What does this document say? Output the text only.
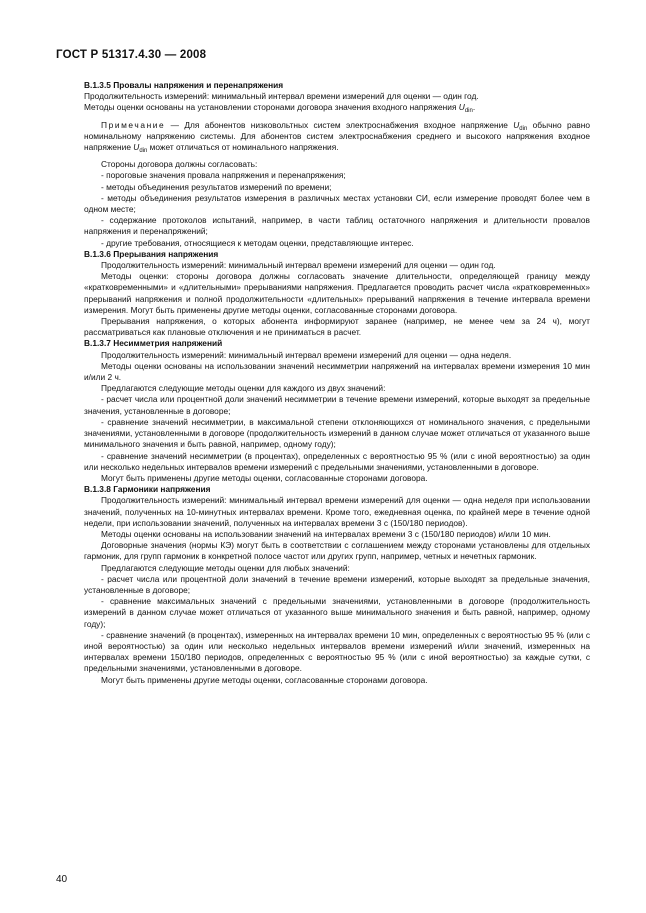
ГОСТ Р 51317.4.30 — 2008

В.1.3.5 Провалы напряжения и перенапряжения

Продолжительность измерений: минимальный интервал времени измерений для оценки — один год.

Методы оценки основаны на установлении сторонами договора значения входного напряжения $U_{din}$.

Примечание — Для абонентов низковольтных систем электроснабжения входное напряжение $U_{din}$ обычно равно номинальному напряжению системы. Для абонентов систем электроснабжения среднего и высокого напряжения входное напряжение $U_{din}$ может отличаться от номинального напряжения.

Стороны договора должны согласовать:

- пороговые значения провала напряжения и перенапряжения;

- методы объединения результатов измерений по времени;

- методы объединения результатов измерения в различных местах установки СИ, если измерение проводят более чем в одном месте;

- содержание протоколов испытаний, например, в части таблиц остаточного напряжения и длительности провалов напряжения и перенапряжений;

- другие требования, относящиеся к методам оценки, представляющие интерес.

В.1.3.6 Прерывания напряжения

Продолжительность измерений: минимальный интервал времени измерений для оценки — один год.

Методы оценки: стороны договора должны согласовать значение длительности, определяющей границу между «кратковременными» и «длительными» прерываниями напряжения. Предлагается проводить расчет числа «кратковременных» прерываний напряжения и полной продолжительности «длительных» прерываний напряжения в течение интервала времени измерения. Могут быть применены другие методы оценки, согласованные сторонами договора.

Прерывания напряжения, о которых абонента информируют заранее (например, не менее чем за 24 ч), могут рассматриваться как плановые отключения и не приниматься в расчет.

В.1.3.7 Несимметрия напряжений

Продолжительность измерений: минимальный интервал времени измерений для оценки — одна неделя.

Методы оценки основаны на использовании значений несимметрии напряжений на интервалах времени измерения 10 мин и/или 2 ч.

Предлагаются следующие методы оценки для каждого из двух значений:

- расчет числа или процентной доли значений несимметрии в течение времени измерений, которые выходят за предельные значения, установленные в договоре;

- сравнение значений несимметрии, в максимальной степени отклоняющихся от номинального значения, с предельными значениями, установленными в договоре (продолжительность измерений в данном случае может отличаться от указанного выше минимального значения и быть равной, например, одному году);

- сравнение значений несимметрии (в процентах), определенных с вероятностью 95 % (или с иной вероятностью) за один или несколько недельных интервалов времени измерений с предельными значениями, установленными в договоре.

Могут быть применены другие методы оценки, согласованные сторонами договора.

В.1.3.8 Гармоники напряжения

Продолжительность измерений: минимальный интервал времени измерений для оценки — одна неделя при использовании значений, полученных на 10-минутных интервалах времени. Кроме того, ежедневная оценка, по крайней мере в течение одной недели, при использовании значений, полученных на интервалах времени 3 с (150/180 периодов).

Методы оценки основаны на использовании значений на интервалах времени 3 с (150/180 периодов) и/или 10 мин.

Договорные значения (нормы КЭ) могут быть в соответствии с соглашением между сторонами установлены для отдельных гармоник, для групп гармоник в конкретной полосе частот или других групп, например, четных и нечетных гармоник.

Предлагаются следующие методы оценки для любых значений:

- расчет числа или процентной доли значений в течение времени измерений, которые выходят за предельные значения, установленные в договоре;

- сравнение максимальных значений с предельными значениями, установленными в договоре (продолжительность измерений в данном случае может отличаться от указанного выше минимального значения и быть равной, например, одному году);

- сравнение значений (в процентах), измеренных на интервалах времени 10 мин, определенных с вероятностью 95 % (или с иной вероятностью) за один или несколько недельных интервалов времени измерений и/или значений, измеренных на интервалах времени 150/180 периодов, определенных с вероятностью 95 % (или с иной вероятностью) за каждые сутки, с предельными значениями, установленными в договоре.

Могут быть применены другие методы оценки, согласованные сторонами договора.

40
